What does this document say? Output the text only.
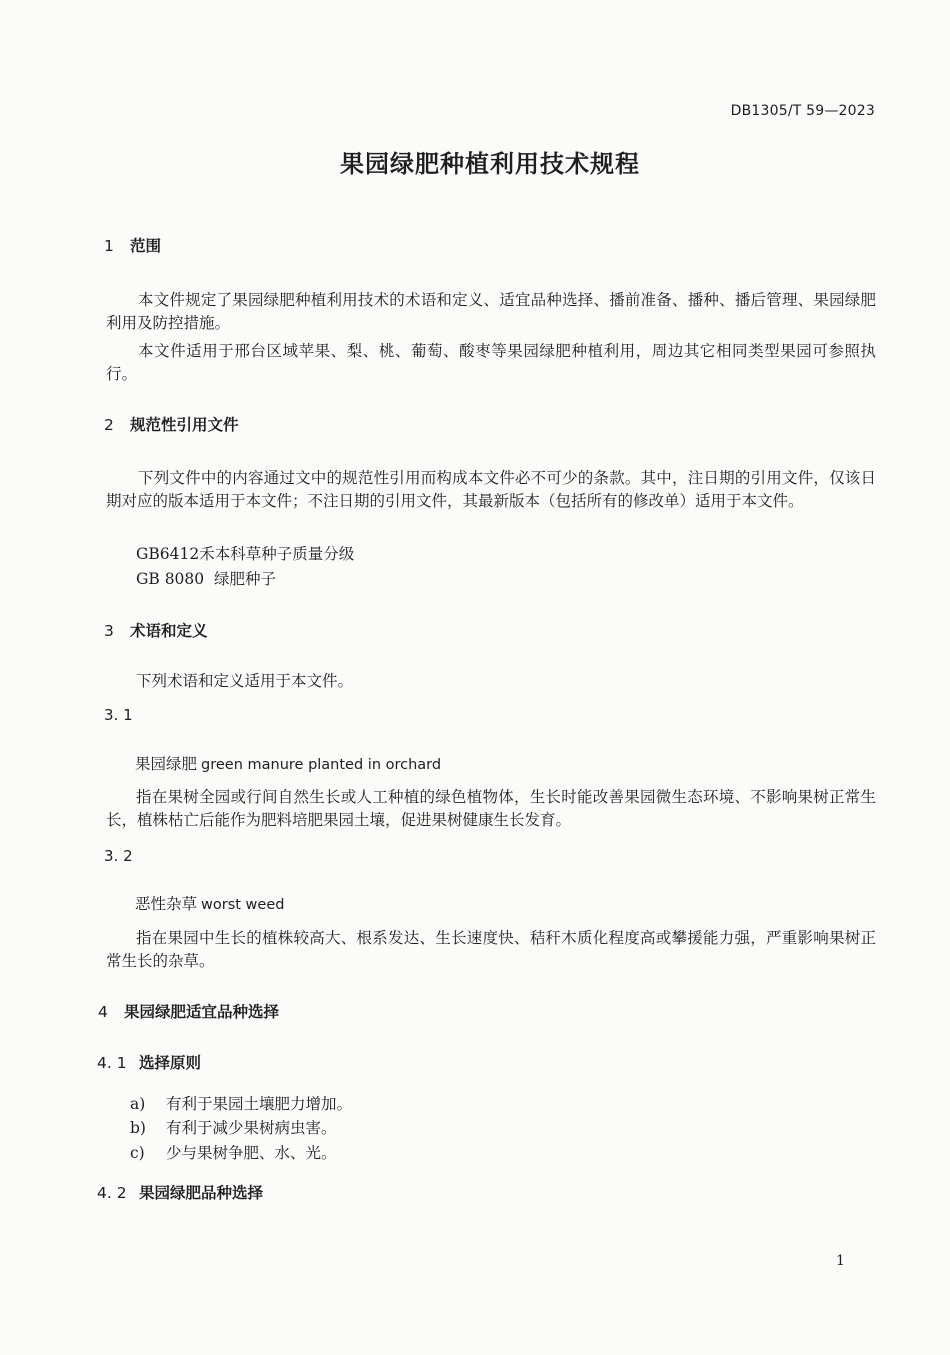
DB1305/T 59—2023
果园绿肥种植利用技术规程
1 范围

本文件规定了果园绿肥种植利用技术的术语和定义、适宜品种选择、播前准备、播种、播后管理、果园绿肥利用及防控措施。

本文件适用于邢台区域苹果、梨、桃、葡萄、酸枣等果园绿肥种植利用，周边其它相同类型果园可参照执行。

2 规范性引用文件

下列文件中的内容通过文中的规范性引用而构成本文件必不可少的条款。其中，注日期的引用文件，仅该日期对应的版本适用于本文件；不注日期的引用文件，其最新版本（包括所有的修改单）适用于本文件。

GB6412禾本科草种子质量分级
GB 8080  绿肥种子
3 术语和定义
下列术语和定义适用于本文件。
3. 1
果园绿肥 green manure planted in orchard

指在果树全园或行间自然生长或人工种植的绿色植物体，生长时能改善果园微生态环境、不影响果树正常生长，植株枯亡后能作为肥料培肥果园土壤，促进果树健康生长发育。

3. 2
恶性杂草 worst weed

指在果园中生长的植株较高大、根系发达、生长速度快、秸秆木质化程度高或攀援能力强，严重影响果树正常生长的杂草。

4 果园绿肥适宜品种选择
4. 1 选择原则
a) 有利于果园土壤肥力增加。
b) 有利于减少果树病虫害。
c) 少与果树争肥、水、光。
4. 2 果园绿肥品种选择
1
